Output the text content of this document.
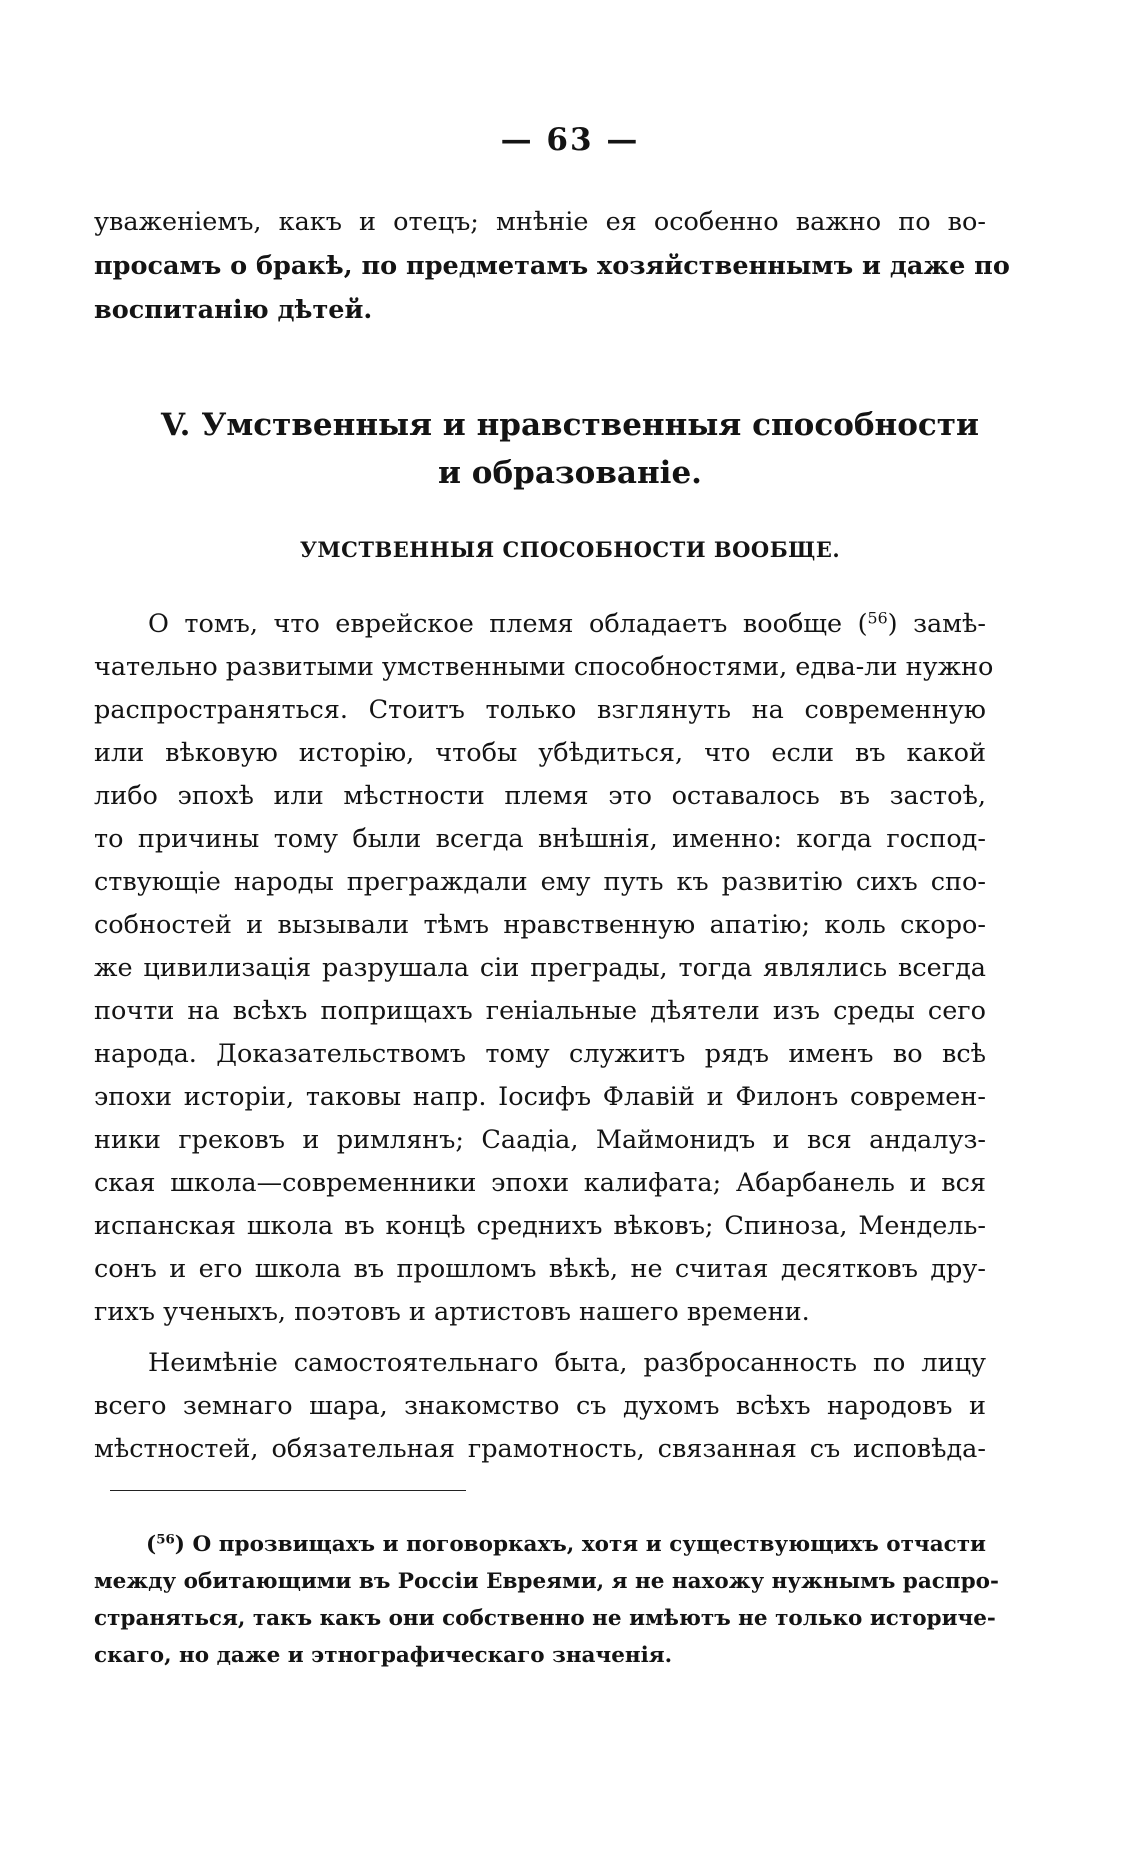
— 63 —
уваженіемъ, какъ и отецъ; мнѣніе ея особенно важно по во-
просамъ о бракѣ, по предметамъ хозяйственнымъ и даже по
воспитанію дѣтей.
V. Умственныя и нравственныя способности
и образованіе.
УМСТВЕННЫЯ СПОСОБНОСТИ ВООБЩЕ.
О томъ, что еврейское племя обладаетъ вообще ($^{56}$) замѣ-
чательно развитыми умственными способностями, едва-ли нужно
распространяться. Стоитъ только взглянуть на современную
или вѣковую исторію, чтобы убѣдиться, что если въ какой
либо эпохѣ или мѣстности племя это оставалось въ застоѣ,
то причины тому были всегда внѣшнія, именно: когда господ-
ствующіе народы преграждали ему путь къ развитію сихъ спо-
собностей и вызывали тѣмъ нравственную апатію; коль скоро-
же цивилизація разрушала сіи преграды, тогда являлись всегда
почти на всѣхъ поприщахъ геніальные дѣятели изъ среды сего
народа. Доказательствомъ тому служитъ рядъ именъ во всѣ
эпохи исторіи, таковы напр. Іосифъ Флавій и Филонъ современ-
ники грековъ и римлянъ; Саадіа, Маймонидъ и вся андалуз-
ская школа—современники эпохи калифата; Абарбанель и вся
испанская школа въ концѣ среднихъ вѣковъ; Спиноза, Мендель-
сонъ и его школа въ прошломъ вѣкѣ, не считая десятковъ дру-
гихъ ученыхъ, поэтовъ и артистовъ нашего времени.
Неимѣніе самостоятельнаго быта, разбросанность по лицу
всего земнаго шара, знакомство съ духомъ всѣхъ народовъ и
мѣстностей, обязательная грамотность, связанная съ исповѣда-
($^{56}$) О прозвищахъ и поговоркахъ, хотя и существующихъ отчасти
между обитающими въ Россіи Евреями, я не нахожу нужнымъ распро-
страняться, такъ какъ они собственно не имѣютъ не только историче-
скаго, но даже и этнографическаго значенія.
